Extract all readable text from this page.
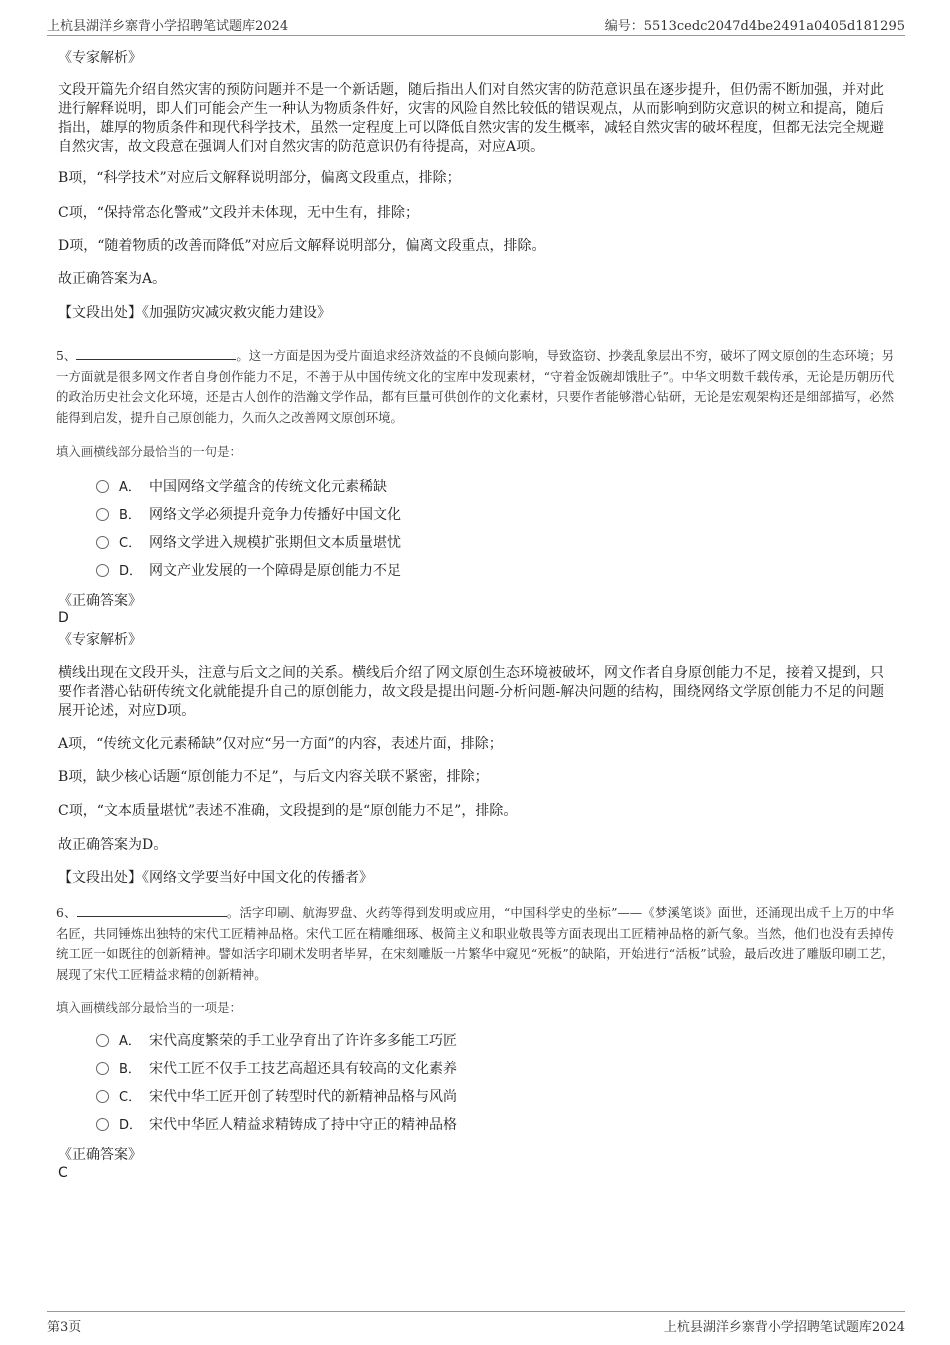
上杭县湖洋乡寨背小学招聘笔试题库2024	编号：5513cedc2047d4be2491a0405d181295
《专家解析》
文段开篇先介绍自然灾害的预防问题并不是一个新话题，随后指出人们对自然灾害的防范意识虽在逐步提升，但仍需不断加强，并对此进行解释说明，即人们可能会产生一种认为物质条件好，灾害的风险自然比较低的错误观点，从而影响到防灾意识的树立和提高，随后指出，雄厚的物质条件和现代科学技术，虽然一定程度上可以降低自然灾害的发生概率，减轻自然灾害的破坏程度，但都无法完全规避自然灾害，故文段意在强调人们对自然灾害的防范意识仍有待提高，对应A项。
B项，“科学技术”对应后文解释说明部分，偏离文段重点，排除；
C项，“保持常态化警戒”文段并未体现，无中生有，排除；
D项，“随着物质的改善而降低”对应后文解释说明部分，偏离文段重点，排除。
故正确答案为A。
【文段出处】《加强防灾减灾救灾能力建设》
5、	。这一方面是因为受片面追求经济效益的不良倾向影响，导致盗窃、抄袭乱象层出不穷，破坏了网文原创的生态环境；另一方面就是很多网文作者自身创作能力不足，不善于从中国传统文化的宝库中发现素材，“守着金饭碗却饿肚子”。中华文明数千载传承，无论是历朝历代的政治历史社会文化环境，还是古人创作的浩瀚文学作品，都有巨量可供创作的文化素材，只要作者能够潜心钻研，无论是宏观架构还是细部描写，必然能得到启发，提升自己原创能力，久而久之改善网文原创环境。
填入画横线部分最恰当的一句是：
A． 中国网络文学蕴含的传统文化元素稀缺
B． 网络文学必须提升竞争力传播好中国文化
C． 网络文学进入规模扩张期但文本质量堪忧
D． 网文产业发展的一个障碍是原创能力不足
《正确答案》
D
《专家解析》
横线出现在文段开头，注意与后文之间的关系。横线后介绍了网文原创生态环境被破坏，网文作者自身原创能力不足，接着又提到，只要作者潜心钻研传统文化就能提升自己的原创能力，故文段是提出问题-分析问题-解决问题的结构，围绕网络文学原创能力不足的问题展开论述，对应D项。
A项，“传统文化元素稀缺”仅对应“另一方面”的内容，表述片面，排除；
B项，缺少核心话题“原创能力不足”，与后文内容关联不紧密，排除；
C项，“文本质量堪忧”表述不准确，文段提到的是“原创能力不足”，排除。
故正确答案为D。
【文段出处】《网络文学要当好中国文化的传播者》
6、	。活字印刷、航海罗盘、火药等得到发明或应用，“中国科学史的坐标”——《梦溪笔谈》面世，还涌现出成千上万的中华名匠，共同锤炼出独特的宋代工匠精神品格。宋代工匠在精雕细琢、极简主义和职业敬畏等方面表现出工匠精神品格的新气象。当然，他们也没有丢掉传统工匠一如既往的创新精神。譬如活字印刷术发明者毕昇，在宋刻雕版一片繁华中窥见“死板”的缺陷，开始进行“活板”试验，最后改进了雕版印刷工艺，展现了宋代工匠精益求精的创新精神。
填入画横线部分最恰当的一项是：
A． 宋代高度繁荣的手工业孕育出了许许多多能工巧匠
B． 宋代工匠不仅手工技艺高超还具有较高的文化素养
C． 宋代中华工匠开创了转型时代的新精神品格与风尚
D． 宋代中华匠人精益求精铸成了持中守正的精神品格
《正确答案》
C
第3页	上杭县湖洋乡寨背小学招聘笔试题库2024
